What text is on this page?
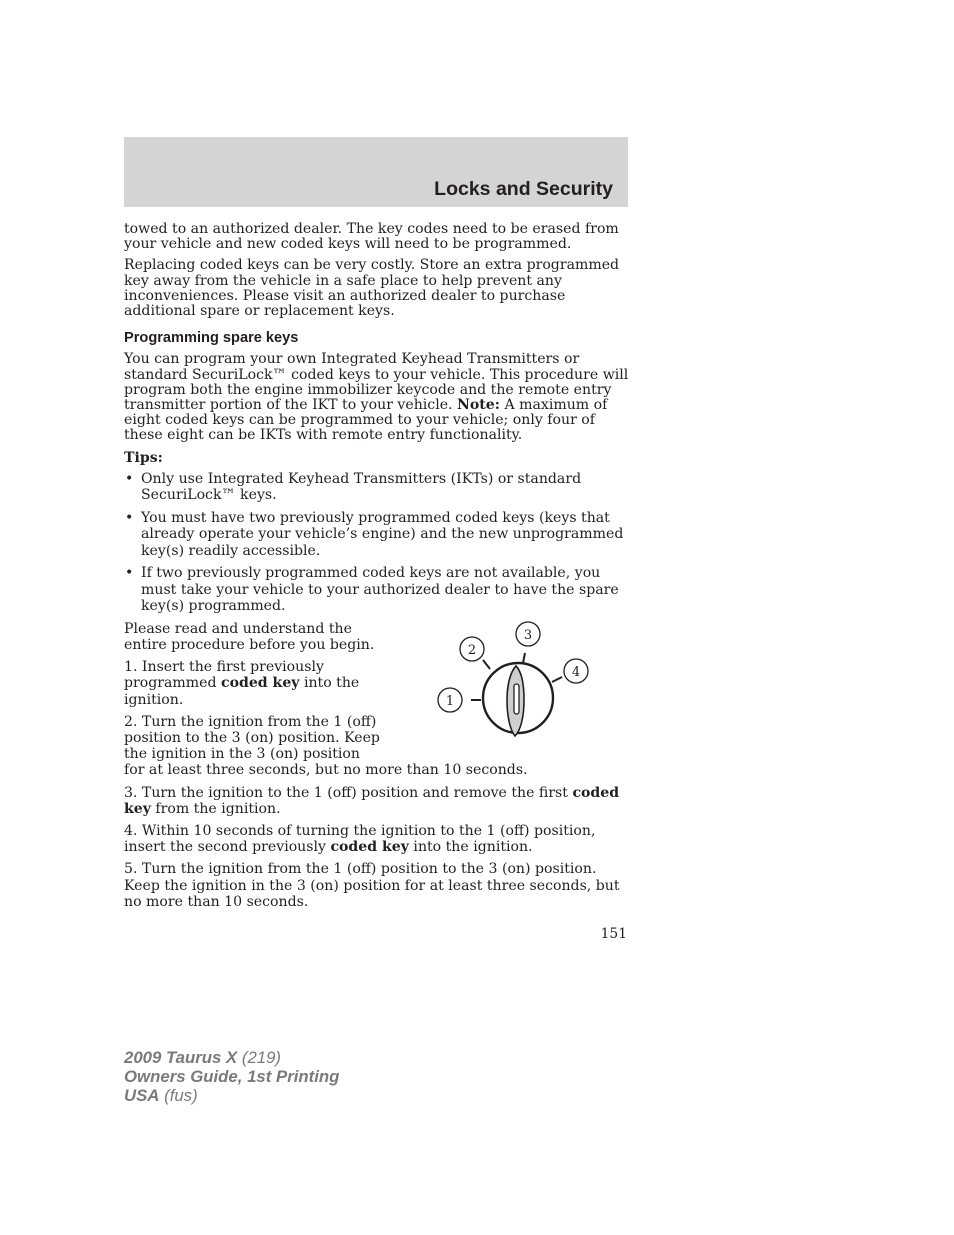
Locks and Security

towed to an authorized dealer. The key codes need to be erased from your vehicle and new coded keys will need to be programmed.

Replacing coded keys can be very costly. Store an extra programmed key away from the vehicle in a safe place to help prevent any inconveniences. Please visit an authorized dealer to purchase additional spare or replacement keys.

Programming spare keys

You can program your own Integrated Keyhead Transmitters or standard SecuriLock™ coded keys to your vehicle. This procedure will program both the engine immobilizer keycode and the remote entry transmitter portion of the IKT to your vehicle. Note: A maximum of eight coded keys can be programmed to your vehicle; only four of these eight can be IKTs with remote entry functionality.

Tips:

• Only use Integrated Keyhead Transmitters (IKTs) or standard SecuriLock™ keys.
• You must have two previously programmed coded keys (keys that already operate your vehicle’s engine) and the new unprogrammed key(s) readily accessible.
• If two previously programmed coded keys are not available, you must take your vehicle to your authorized dealer to have the spare key(s) programmed.

Please read and understand the entire procedure before you begin.

1. Insert the first previously programmed coded key into the ignition.

2. Turn the ignition from the 1 (off) position to the 3 (on) position. Keep the ignition in the 3 (on) position
for at least three seconds, but no more than 10 seconds.

3. Turn the ignition to the 1 (off) position and remove the first coded key from the ignition.

4. Within 10 seconds of turning the ignition to the 1 (off) position, insert the second previously coded key into the ignition.

5. Turn the ignition from the 1 (off) position to the 3 (on) position. Keep the ignition in the 3 (on) position for at least three seconds, but no more than 10 seconds.

1
2
3
4

151

2009 Taurus X (219)
Owners Guide, 1st Printing
USA (fus)
